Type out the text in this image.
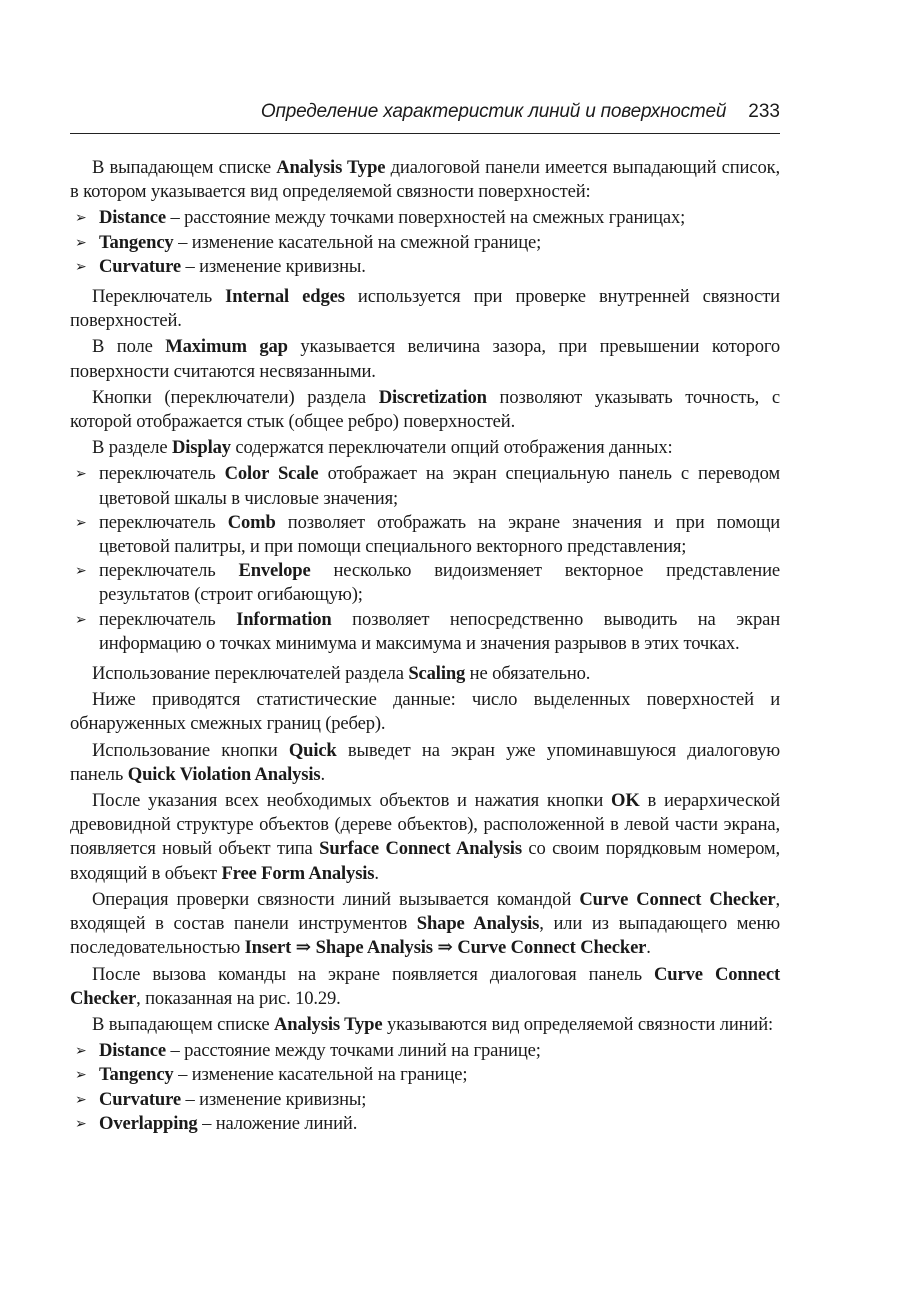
Определение характеристик линий и поверхностей 233

В выпадающем списке Analysis Type диалоговой панели имеется выпадающий список, в котором указывается вид определяемой связности поверхностей:

➢ Distance – расстояние между точками поверхностей на смежных границах;
➢ Tangency – изменение касательной на смежной границе;
➢ Curvature – изменение кривизны.

Переключатель Internal edges используется при проверке внутренней связности поверхностей.

В поле Maximum gap указывается величина зазора, при превышении которого поверхности считаются несвязанными.

Кнопки (переключатели) раздела Discretization позволяют указывать точность, с которой отображается стык (общее ребро) поверхностей.

В разделе Display содержатся переключатели опций отображения данных:

➢ переключатель Color Scale отображает на экран специальную панель с переводом цветовой шкалы в числовые значения;
➢ переключатель Comb позволяет отображать на экране значения и при помощи цветовой палитры, и при помощи специального векторного представления;
➢ переключатель Envelope несколько видоизменяет векторное представление результатов (строит огибающую);
➢ переключатель Information позволяет непосредственно выводить на экран информацию о точках минимума и максимума и значения разрывов в этих точках.

Использование переключателей раздела Scaling не обязательно.

Ниже приводятся статистические данные: число выделенных поверхностей и обнаруженных смежных границ (ребер).

Использование кнопки Quick выведет на экран уже упоминавшуюся диалоговую панель Quick Violation Analysis.

После указания всех необходимых объектов и нажатия кнопки OK в иерархической древовидной структуре объектов (дереве объектов), расположенной в левой части экрана, появляется новый объект типа Surface Connect Analysis со своим порядковым номером, входящий в объект Free Form Analysis.

Операция проверки связности линий вызывается командой Curve Connect Checker, входящей в состав панели инструментов Shape Analysis, или из выпадающего меню последовательностью Insert ⇒ Shape Analysis ⇒ Curve Connect Checker.

После вызова команды на экране появляется диалоговая панель Curve Connect Checker, показанная на рис. 10.29.

В выпадающем списке Analysis Type указываются вид определяемой связности линий:

➢ Distance – расстояние между точками линий на границе;
➢ Tangency – изменение касательной на границе;
➢ Curvature – изменение кривизны;
➢ Overlapping – наложение линий.
